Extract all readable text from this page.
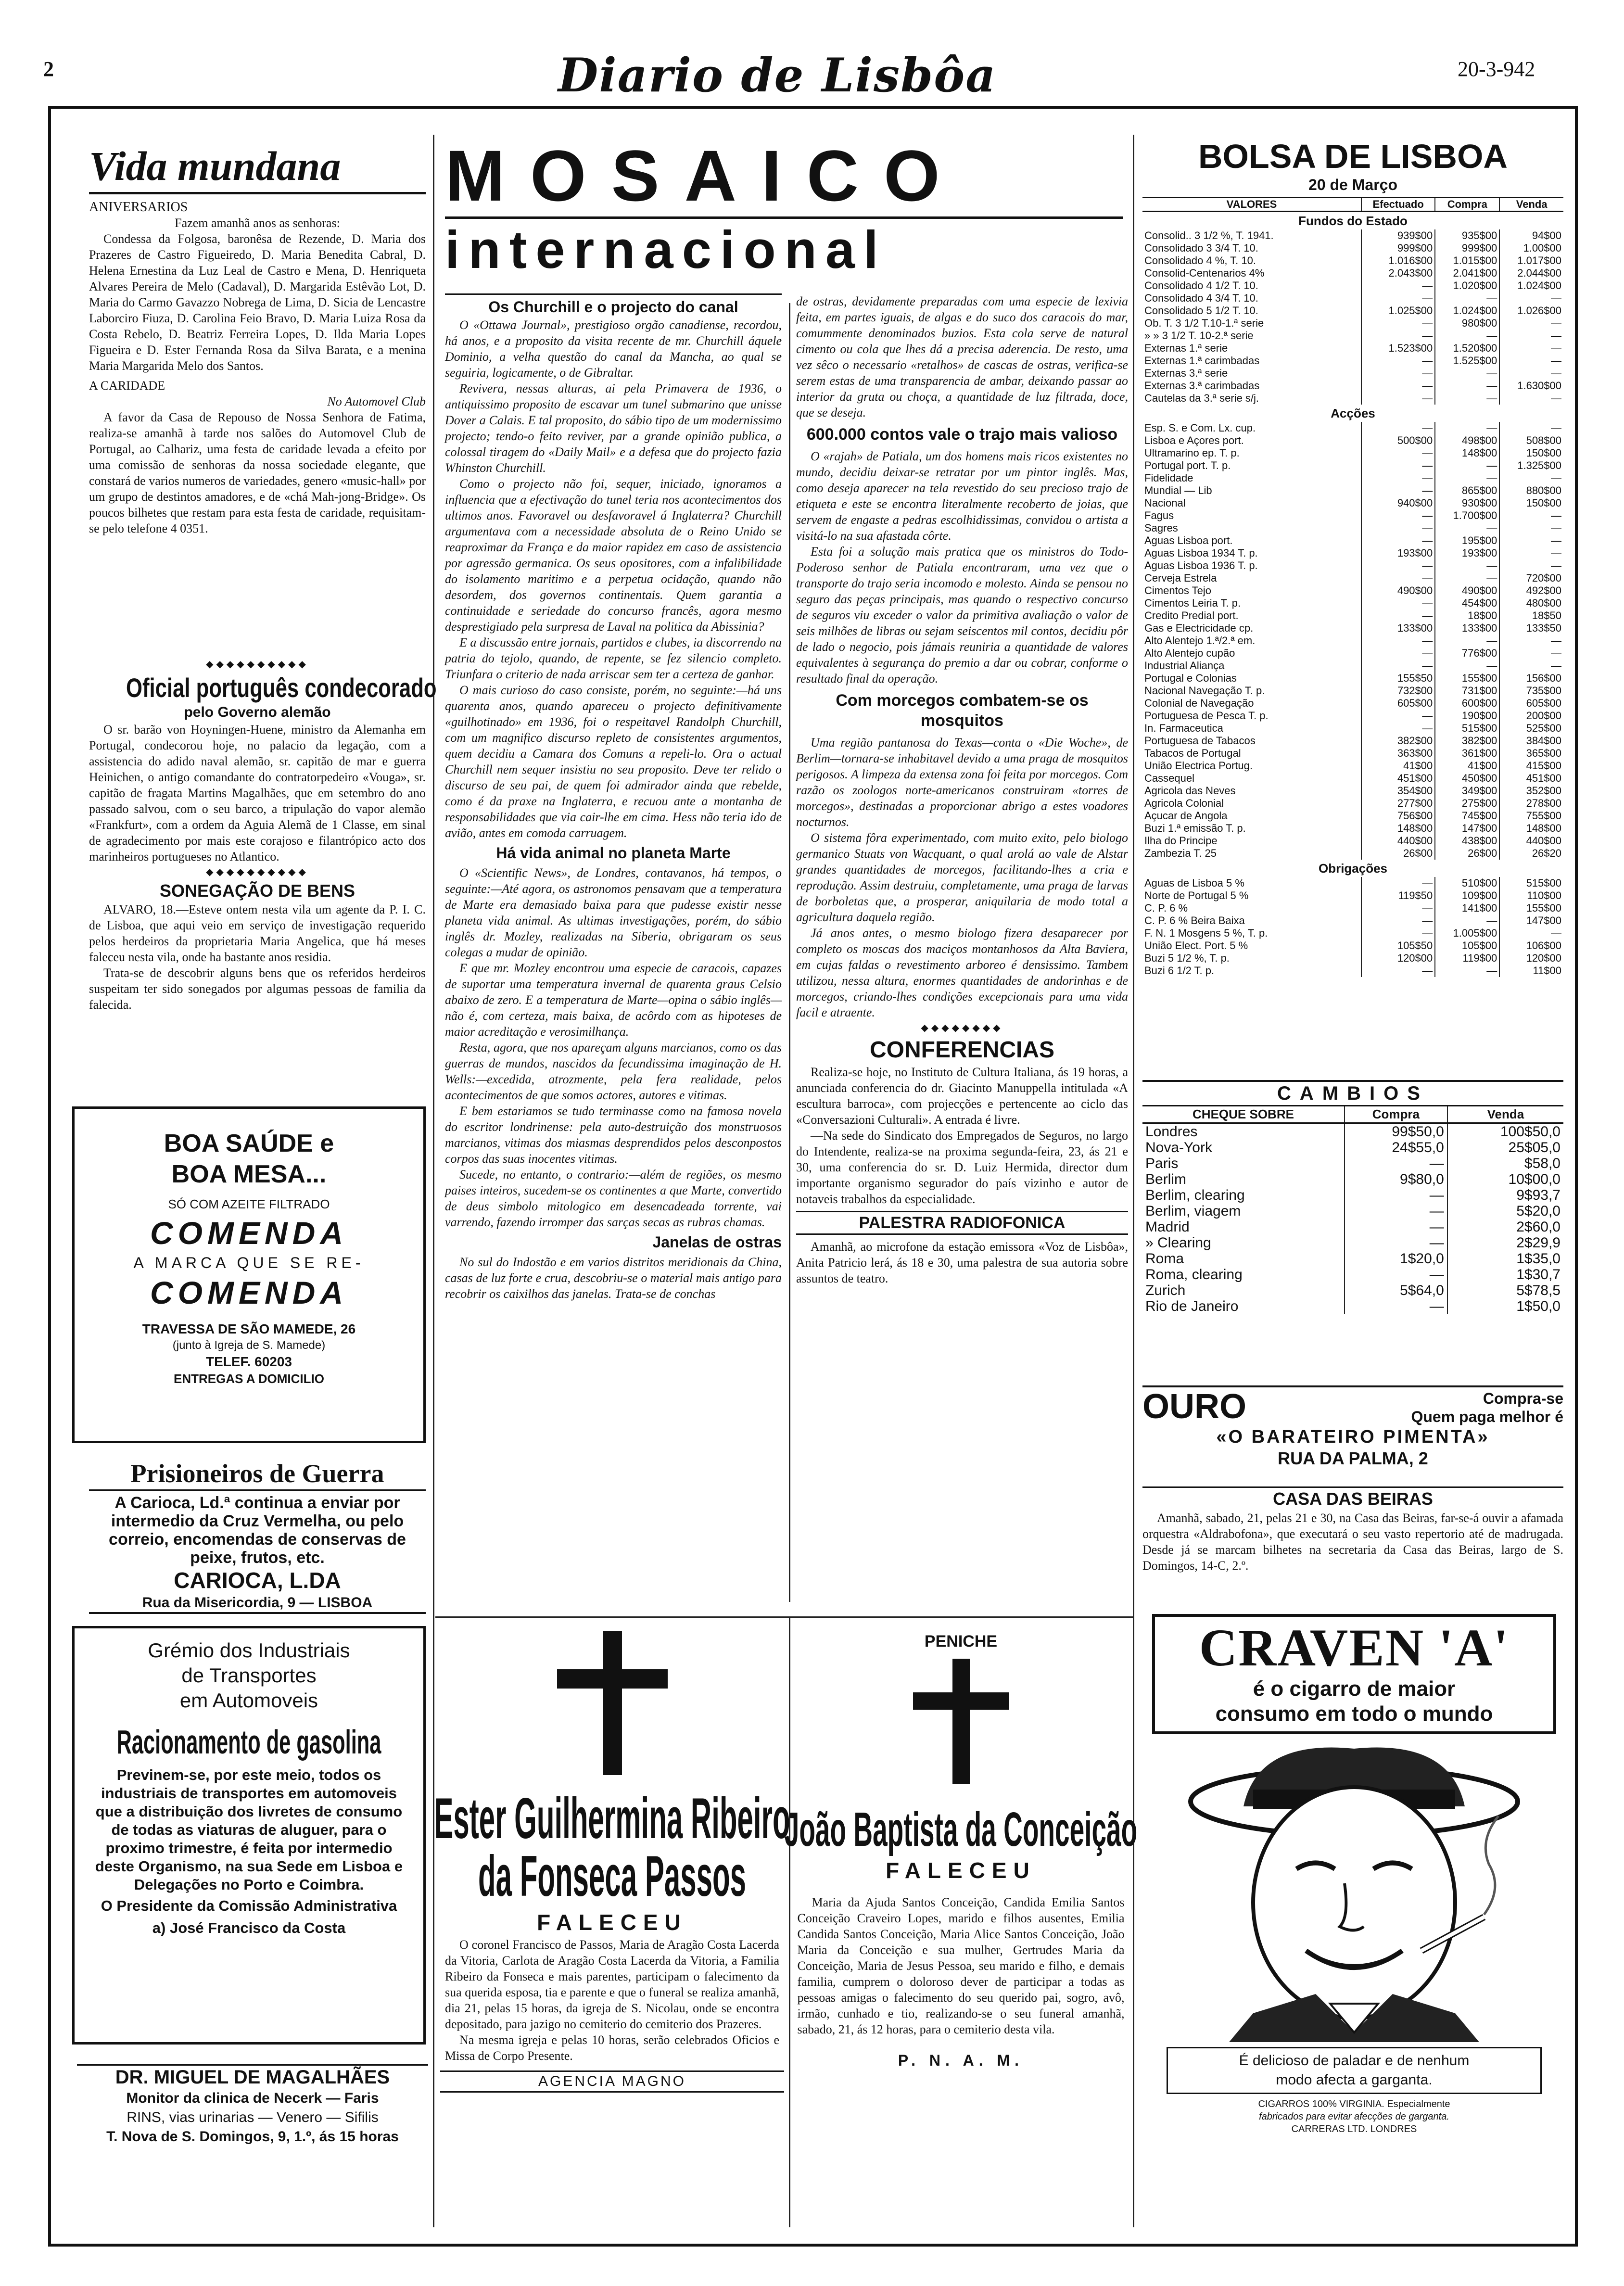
2	Diario de Lisbôa	20-3-942
Vida mundana
ANIVERSARIOS
Fazem amanhã anos as senhoras:
Condessa da Folgosa, baronêsa de Rezende, D. Maria dos Prazeres de Castro Figueiredo, D. Maria Benedita Cabral, D. Helena Ernestina da Luz Leal de Castro e Mena, D. Henriqueta Alvares Pereira de Melo (Cadaval), D. Margarida Estêvão Lot, D. Maria do Carmo Gavazzo Nobrega de Lima, D. Sicia de Lencastre Laborciro Fiuza, D. Carolina Feio Bravo, D. Maria Luiza Rosa da Costa Rebelo, D. Beatriz Ferreira Lopes, D. Ilda Maria Lopes Figueira e D. Ester Fernanda Rosa da Silva Barata, e a menina Maria Margarida Melo dos Santos.
A CARIDADE
No Automovel Club
A favor da Casa de Repouso de Nossa Senhora de Fatima, realiza-se amanhã à tarde nos salões do Automovel Club de Portugal, ao Calhariz, uma festa de caridade levada a efeito por uma comissão de senhoras da nossa sociedade elegante, que constará de varios numeros de variedades, genero «music-hall» por um grupo de destintos amadores, e de «chá Mah-jong-Bridge». Os poucos bilhetes que restam para esta festa de caridade, requisitam-se pelo telefone 4 0351.
◆◆◆◆◆◆◆◆◆◆
Oficial português condecorado
pelo Governo alemão
O sr. barão von Hoyningen-Huene, ministro da Alemanha em Portugal, condecorou hoje, no palacio da legação, com a assistencia do adido naval alemão, sr. capitão de mar e guerra Heinichen, o antigo comandante do contratorpedeiro «Vouga», sr. capitão de fragata Martins Magalhães, que em setembro do ano passado salvou, com o seu barco, a tripulação do vapor alemão «Frankfurt», com a ordem da Aguia Alemã de 1 Classe, em sinal de agradecimento por mais este corajoso e filantrópico acto dos marinheiros portugueses no Atlantico.
◆◆◆◆◆◆◆◆◆◆
SONEGAÇÃO DE BENS
ALVARO, 18.—Esteve ontem nesta vila um agente da P. I. C. de Lisboa, que aqui veio em serviço de investigação requerido pelos herdeiros da proprietaria Maria Angelica, que há meses faleceu nesta vila, onde ha bastante anos residia.
Trata-se de descobrir alguns bens que os referidos herdeiros suspeitam ter sido sonegados por algumas pessoas de familia da falecida.
BOA SAÚDE e
BOA MESA...
SÓ COM AZEITE FILTRADO
COMENDA
A MARCA QUE SE RE-
COMENDA
TRAVESSA DE SÃO MAMEDE, 26
(junto à Igreja de S. Mamede)
TELEF. 60203
ENTREGAS A DOMICILIO
Prisioneiros de Guerra
A Carioca, Ld.ª continua a enviar por intermedio da Cruz Vermelha, ou pelo correio, encomendas de conservas de peixe, frutos, etc.
CARIOCA, L.DA
Rua da Misericordia, 9 — LISBOA
Grémio dos Industriais
de Transportes
em Automoveis
Racionamento de gasolina
Previnem-se, por este meio, todos os industriais de transportes em automoveis que a distribuição dos livretes de consumo de todas as viaturas de aluguer, para o proximo trimestre, é feita por intermedio deste Organismo, na sua Sede em Lisboa e Delegações no Porto e Coimbra.
O Presidente da Comissão Administrativa
a) José Francisco da Costa
DR. MIGUEL DE MAGALHÃES
Monitor da clinica de Necerk — Faris
RINS, vias urinarias — Venero — Sifilis
T. Nova de S. Domingos, 9, 1.º, ás 15 horas
MOSAICO
internacional
Os Churchill e o projecto do canal
O «Ottawa Journal», prestigioso orgão canadiense, recordou, há anos, e a proposito da visita recente de mr. Churchill áquele Dominio, a velha questão do canal da Mancha, ao qual se seguiria, logicamente, o de Gibraltar.
Revivera, nessas alturas, ai pela Primavera de 1936, o antiquissimo proposito de escavar um tunel submarino que unisse Dover a Calais. E tal proposito, do sábio tipo de um modernissimo projecto; tendo-o feito reviver, par a grande opinião publica, a colossal tiragem do «Daily Mail» e a defesa que do projecto fazia Whinston Churchill.
Como o projecto não foi, sequer, iniciado, ignoramos a influencia que a efectivação do tunel teria nos acontecimentos dos ultimos anos. Favoravel ou desfavoravel á Inglaterra? Churchill argumentava com a necessidade absoluta de o Reino Unido se reaproximar da França e da maior rapidez em caso de assistencia por agressão germanica. Os seus opositores, com a infalibilidade do isolamento maritimo e a perpetua ocidação, quando não desordem, dos governos continentais. Quem garantia a continuidade e seriedade do concurso francês, agora mesmo desprestigiado pela surpresa de Laval na politica da Abissinia?
E a discussão entre jornais, partidos e clubes, ia discorrendo na patria do tejolo, quando, de repente, se fez silencio completo. Triunfara o criterio de nada arriscar sem ter a certeza de ganhar.
O mais curioso do caso consiste, porém, no seguinte:—há uns quarenta anos, quando apareceu o projecto definitivamente «guilhotinado» em 1936, foi o respeitavel Randolph Churchill, com um magnifico discurso repleto de consistentes argumentos, quem decidiu a Camara dos Comuns a repeli-lo. Ora o actual Churchill nem sequer insistiu no seu proposito. Deve ter relido o discurso de seu pai, de quem foi admirador ainda que rebelde, como é da praxe na Inglaterra, e recuou ante a montanha de responsabilidades que via cair-lhe em cima. Hess não teria ido de avião, antes em comoda carruagem.
Há vida animal no planeta Marte
O «Scientific News», de Londres, contavanos, há tempos, o seguinte:—Até agora, os astronomos pensavam que a temperatura de Marte era demasiado baixa para que pudesse existir nesse planeta vida animal. As ultimas investigações, porém, do sábio inglês dr. Mozley, realizadas na Siberia, obrigaram os seus colegas a mudar de opinião.
E que mr. Mozley encontrou uma especie de caracois, capazes de suportar uma temperatura invernal de quarenta graus Celsio abaixo de zero. E a temperatura de Marte—opina o sábio inglês—não é, com certeza, mais baixa, de acôrdo com as hipoteses de maior acreditação e verosimilhança.
Resta, agora, que nos apareçam alguns marcianos, como os das guerras de mundos, nascidos da fecundissima imaginação de H. Wells:—excedida, atrozmente, pela fera realidade, pelos acontecimentos de que somos actores, autores e vitimas.
E bem estariamos se tudo terminasse como na famosa novela do escritor londrinense: pela auto-destruição dos monstruosos marcianos, vitimas dos miasmas desprendidos pelos desconpostos corpos das suas inocentes vitimas.
Sucede, no entanto, o contrario:—além de regiões, os mesmo paises inteiros, sucedem-se os continentes a que Marte, convertido de deus simbolo mitologico em desencadeada torrente, vai varrendo, fazendo irromper das sarças secas as rubras chamas.
Janelas de ostras
No sul do Indostão e em varios distritos meridionais da China, casas de luz forte e crua, descobriu-se o material mais antigo para recobrir os caixilhos das janelas. Trata-se de conchas
de ostras, devidamente preparadas com uma especie de lexivia feita, em partes iguais, de algas e do suco dos caracois do mar, comummente denominados buzios. Esta cola serve de natural cimento ou cola que lhes dá a precisa aderencia. De resto, uma vez sêco o necessario «retalhos» de cascas de ostras, verifica-se serem estas de uma transparencia de ambar, deixando passar ao interior da gruta ou choça, a quantidade de luz filtrada, doce, que se deseja.
600.000 contos vale o trajo mais valioso
O «rajah» de Patiala, um dos homens mais ricos existentes no mundo, decidiu deixar-se retratar por um pintor inglês. Mas, como deseja aparecer na tela revestido do seu precioso trajo de etiqueta e este se encontra literalmente recoberto de joias, que servem de engaste a pedras escolhidissimas, convidou o artista a visitá-lo na sua afastada côrte.
Esta foi a solução mais pratica que os ministros do Todo-Poderoso senhor de Patiala encontraram, uma vez que o transporte do trajo seria incomodo e molesto. Ainda se pensou no seguro das peças principais, mas quando o respectivo concurso de seguros viu exceder o valor da primitiva avaliação o valor de seis milhões de libras ou sejam seiscentos mil contos, decidiu pôr de lado o negocio, pois jámais reuniria a quantidade de valores equivalentes à segurança do premio a dar ou cobrar, conforme o resultado final da operação.
Com morcegos combatem-se os mosquitos
Uma região pantanosa do Texas—conta o «Die Woche», de Berlim—tornara-se inhabitavel devido a uma praga de mosquitos perigosos. A limpeza da extensa zona foi feita por morcegos. Com razão os zoologos norte-americanos construiram «torres de morcegos», destinadas a proporcionar abrigo a estes voadores nocturnos.
O sistema fôra experimentado, com muito exito, pelo biologo germanico Stuats von Wacquant, o qual arolá ao vale de Alstar grandes quantidades de morcegos, facilitando-lhes a cria e reprodução. Assim destruiu, completamente, uma praga de larvas de borboletas que, a prosperar, aniquilaria de modo total a agricultura daquela região.
Já anos antes, o mesmo biologo fizera desaparecer por completo os moscas dos maciços montanhosos da Alta Baviera, em cujas faldas o revestimento arboreo é densissimo. Tambem utilizou, nessa altura, enormes quantidades de andorinhas e de morcegos, criando-lhes condições excepcionais para uma vida facil e atraente.
◆◆◆◆◆◆◆◆
CONFERENCIAS
Realiza-se hoje, no Instituto de Cultura Italiana, ás 19 horas, a anunciada conferencia do dr. Giacinto Manuppella intitulada «A escultura barroca», com projecções e pertencente ao ciclo das «Conversazioni Culturali». A entrada é livre.
—Na sede do Sindicato dos Empregados de Seguros, no largo do Intendente, realiza-se na proxima segunda-feira, 23, ás 21 e 30, uma conferencia do sr. D. Luiz Hermida, director dum importante organismo segurador do país vizinho e autor de notaveis trabalhos da especialidade.
PALESTRA RADIOFONICA
Amanhã, ao microfone da estação emissora «Voz de Lisbôa», Anita Patricio lerá, ás 18 e 30, uma palestra de sua autoria sobre assuntos de teatro.
Ester Guilhermina Ribeiro
da Fonseca Passos
FALECEU
O coronel Francisco de Passos, Maria de Aragão Costa Lacerda da Vitoria, Carlota de Aragão Costa Lacerda da Vitoria, a Familia Ribeiro da Fonseca e mais parentes, participam o falecimento da sua querida esposa, tia e parente e que o funeral se realiza amanhã, dia 21, pelas 15 horas, da igreja de S. Nicolau, onde se encontra depositado, para jazigo no cemiterio do cemiterio dos Prazeres.
Na mesma igreja e pelas 10 horas, serão celebrados Oficios e Missa de Corpo Presente.
AGENCIA MAGNO
PENICHE
João Baptista da Conceição
FALECEU
Maria da Ajuda Santos Conceição, Candida Emilia Santos Conceição Craveiro Lopes, marido e filhos ausentes, Emilia Candida Santos Conceição, Maria Alice Santos Conceição, João Maria da Conceição e sua mulher, Gertrudes Maria da Conceição, Maria de Jesus Pessoa, seu marido e filho, e demais familia, cumprem o doloroso dever de participar a todas as pessoas amigas o falecimento do seu querido pai, sogro, avô, irmão, cunhado e tio, realizando-se o seu funeral amanhã, sabado, 21, ás 12 horas, para o cemiterio desta vila.
P. N. A. M.
BOLSA DE LISBOA
20 de Março
VALORES	Efectuado	Compra	Venda
Fundos do Estado			
Consolid.. 3 1/2 %, T. 1941.	939$00	935$00	94$00
Consolidado 3 3/4 T. 10.	999$00	999$00	1.00$00
Consolidado 4 %, T. 10.	1.016$00	1.015$00	1.017$00
Consolid-Centenarios 4%	2.043$00	2.041$00	2.044$00
Consolidado 4 1/2 T. 10.	—	1.020$00	1.024$00
Consolidado 4 3/4 T. 10.	—	—	—
Consolidado 5 1/2 T. 10.	1.025$00	1.024$00	1.026$00
Ob. T. 3 1/2 T.10-1.ª serie	—	980$00	—
» » 3 1/2 T. 10-2.ª serie	—	—	—
Externas 1.ª serie	1.523$00	1.520$00	—
Externas 1.ª carimbadas	—	1.525$00	—
Externas 3.ª serie	—	—	—
Externas 3.ª carimbadas	—	—	1.630$00
Cautelas da 3.ª serie s/j.	—	—	—
Acções			
Esp. S. e Com. Lx. cup.	—	—	—
Lisboa e Açores port.	500$00	498$00	508$00
Ultramarino ep. T. p.	—	148$00	150$00
Portugal port. T. p.	—	—	1.325$00
Fidelidade	—	—	—
Mundial — Lib	—	865$00	880$00
Nacional	940$00	930$00	150$00
Fagus	—	1.700$00	—
Sagres	—	—	—
Aguas Lisboa port.	—	195$00	—
Aguas Lisboa 1934 T. p.	193$00	193$00	—
Aguas Lisboa 1936 T. p.	—	—	—
Cerveja Estrela	—	—	720$00
Cimentos Tejo	490$00	490$00	492$00
Cimentos Leiria T. p.	—	454$00	480$00
Credito Predial port.	—	18$00	18$50
Gas e Electricidade cp.	133$00	133$00	133$50
Alto Alentejo 1.ª/2.ª em.	—	—	—
Alto Alentejo cupão	—	776$00	—
Industrial Aliança	—	—	—
Portugal e Colonias	155$50	155$00	156$00
Nacional Navegação T. p.	732$00	731$00	735$00
Colonial de Navegação	605$00	600$00	605$00
Portuguesa de Pesca T. p.	—	190$00	200$00
In. Farmaceutica	—	515$00	525$00
Portuguesa de Tabacos	382$00	382$00	384$00
Tabacos de Portugal	363$00	361$00	365$00
União Electrica Portug.	41$00	41$00	415$00
Cassequel	451$00	450$00	451$00
Agricola das Neves	354$00	349$00	352$00
Agricola Colonial	277$00	275$00	278$00
Açucar de Angola	756$00	745$00	755$00
Buzi 1.ª emissão T. p.	148$00	147$00	148$00
Ilha do Principe	440$00	438$00	440$00
Zambezia T. 25	26$00	26$00	26$20
Obrigações			
Aguas de Lisboa 5 %	—	510$00	515$00
Norte de Portugal 5 %	119$50	109$00	110$00
C. P. 6 %	—	141$00	155$00
C. P. 6 % Beira Baixa	—	—	147$00
F. N. 1 Mosgens 5 %, T. p.	—	1.005$00	—
União Elect. Port. 5 %	105$50	105$00	106$00
Buzi 5 1/2 %, T. p.	120$00	119$00	120$00
Buzi 6 1/2 T. p.	—	—	11$00
CAMBIOS
CHEQUE SOBRE	Compra	Venda
Londres	99$50,0	100$50,0
Nova-York	24$55,0	25$05,0
Paris	—	$58,0
Berlim	9$80,0	10$00,0
Berlim, clearing	—	9$93,7
Berlim, viagem	—	5$20,0
Madrid	—	2$60,0
» Clearing	—	2$29,9
Roma	1$20,0	1$35,0
Roma, clearing	—	1$30,7
Zurich	5$64,0	5$78,5
Rio de Janeiro	—	1$50,0
OURO	Compra-se
Quem paga melhor é
«O BARATEIRO PIMENTA»
RUA DA PALMA, 2
CASA DAS BEIRAS
Amanhã, sabado, 21, pelas 21 e 30, na Casa das Beiras, far-se-á ouvir a afamada orquestra «Aldrabofona», que executará o seu vasto repertorio até de madrugada. Desde já se marcam bilhetes na secretaria da Casa das Beiras, largo de S. Domingos, 14-C, 2.º.
CRAVEN 'A'
é o cigarro de maior
consumo em todo o mundo
É delicioso de paladar e de nenhum
modo afecta a garganta.
CIGARROS 100% VIRGINIA. Especialmente
fabricados para evitar afecções de garganta.
CARRERAS LTD. LONDRES
